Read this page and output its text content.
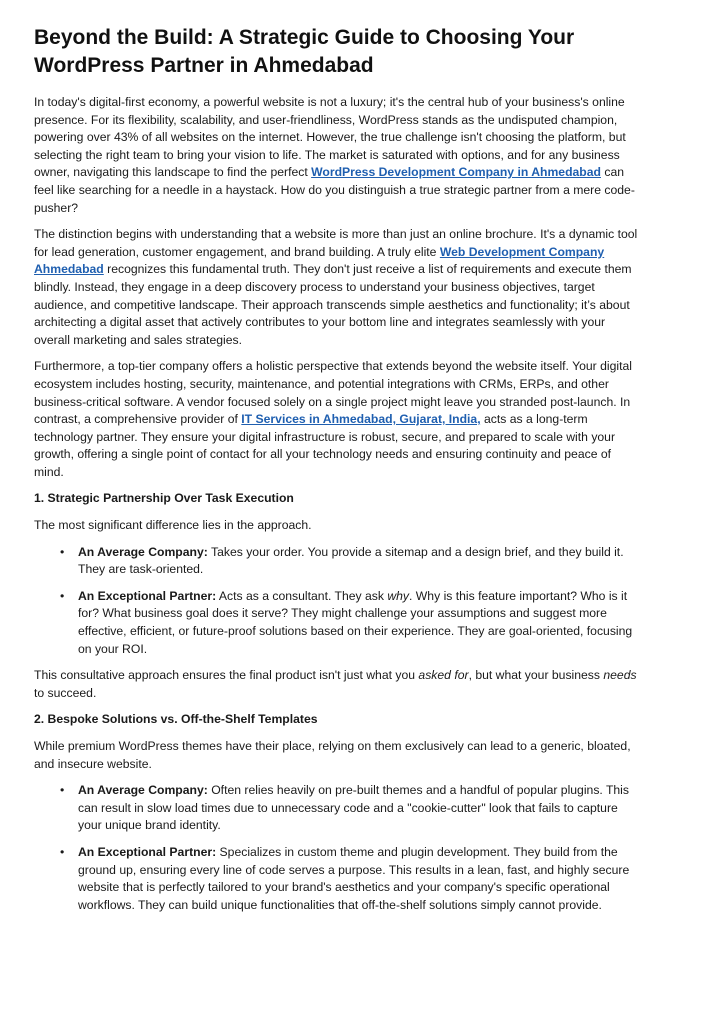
Beyond the Build: A Strategic Guide to Choosing Your WordPress Partner in Ahmedabad

In today's digital-first economy, a powerful website is not a luxury; it's the central hub of your business's online presence. For its flexibility, scalability, and user-friendliness, WordPress stands as the undisputed champion, powering over 43% of all websites on the internet. However, the true challenge isn't choosing the platform, but selecting the right team to bring your vision to life. The market is saturated with options, and for any business owner, navigating this landscape to find the perfect WordPress Development Company in Ahmedabad can feel like searching for a needle in a haystack. How do you distinguish a true strategic partner from a mere code-pusher?

The distinction begins with understanding that a website is more than just an online brochure. It's a dynamic tool for lead generation, customer engagement, and brand building. A truly elite Web Development Company Ahmedabad recognizes this fundamental truth. They don't just receive a list of requirements and execute them blindly. Instead, they engage in a deep discovery process to understand your business objectives, target audience, and competitive landscape. Their approach transcends simple aesthetics and functionality; it’s about architecting a digital asset that actively contributes to your bottom line and integrates seamlessly with your overall marketing and sales strategies.

Furthermore, a top-tier company offers a holistic perspective that extends beyond the website itself. Your digital ecosystem includes hosting, security, maintenance, and potential integrations with CRMs, ERPs, and other business-critical software. A vendor focused solely on a single project might leave you stranded post-launch. In contrast, a comprehensive provider of IT Services in Ahmedabad, Gujarat, India, acts as a long-term technology partner. They ensure your digital infrastructure is robust, secure, and prepared to scale with your growth, offering a single point of contact for all your technology needs and ensuring continuity and peace of mind.

1. Strategic Partnership Over Task Execution

The most significant difference lies in the approach.

• An Average Company: Takes your order. You provide a sitemap and a design brief, and they build it. They are task-oriented.
• An Exceptional Partner: Acts as a consultant. They ask why. Why is this feature important? Who is it for? What business goal does it serve? They might challenge your assumptions and suggest more effective, efficient, or future-proof solutions based on their experience. They are goal-oriented, focusing on your ROI.

This consultative approach ensures the final product isn't just what you asked for, but what your business needs to succeed.

2. Bespoke Solutions vs. Off-the-Shelf Templates

While premium WordPress themes have their place, relying on them exclusively can lead to a generic, bloated, and insecure website.

• An Average Company: Often relies heavily on pre-built themes and a handful of popular plugins. This can result in slow load times due to unnecessary code and a "cookie-cutter" look that fails to capture your unique brand identity.
• An Exceptional Partner: Specializes in custom theme and plugin development. They build from the ground up, ensuring every line of code serves a purpose. This results in a lean, fast, and highly secure website that is perfectly tailored to your brand's aesthetics and your company's specific operational workflows. They can build unique functionalities that off-the-shelf solutions simply cannot provide.
